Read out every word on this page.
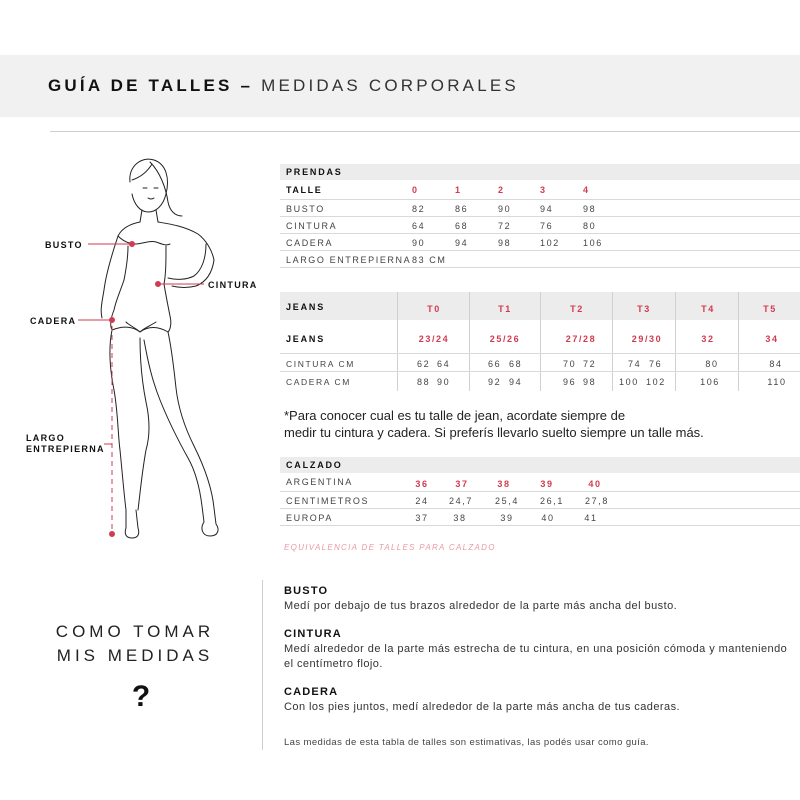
GUÍA DE TALLES – MEDIDAS CORPORALES
BUSTO
CINTURA
CADERA
LARGO
ENTREPIERNA
PRENDAS
TALLE	0	1	2	3	4
BUSTO	82	86	90	94	98
CINTURA	64	68	72	76	80
CADERA	90	94	98	102	106
LARGO ENTREPIERNA 83 CM
JEANS	T0	T1	T2	T3	T4	T5
JEANS	23/24	25/26	27/28	29/30	32	34
CINTURA CM	62 64	66 68	70 72	74 76	80	84
CADERA CM	88 90	92 94	96 98	100 102	106	110
*Para conocer cual es tu talle de jean, acordate siempre de
medir tu cintura y cadera. Si preferís llevarlo suelto siempre un talle más.
CALZADO
ARGENTINA	36	37	38	39	40
CENTIMETROS	24 24,7 25,4 26,1 27,8
EUROPA	37	38	39	40	41
EQUIVALENCIA DE TALLES PARA CALZADO
COMO TOMAR
MIS MEDIDAS
?
BUSTO
Medí por debajo de tus brazos alrededor de la parte más ancha del busto.
CINTURA
Medí alrededor de la parte más estrecha de tu cintura, en una posición cómoda y manteniendo el centímetro flojo.
CADERA
Con los pies juntos, medí alrededor de la parte más ancha de tus caderas.
Las medidas de esta tabla de talles son estimativas, las podés usar como guía.
